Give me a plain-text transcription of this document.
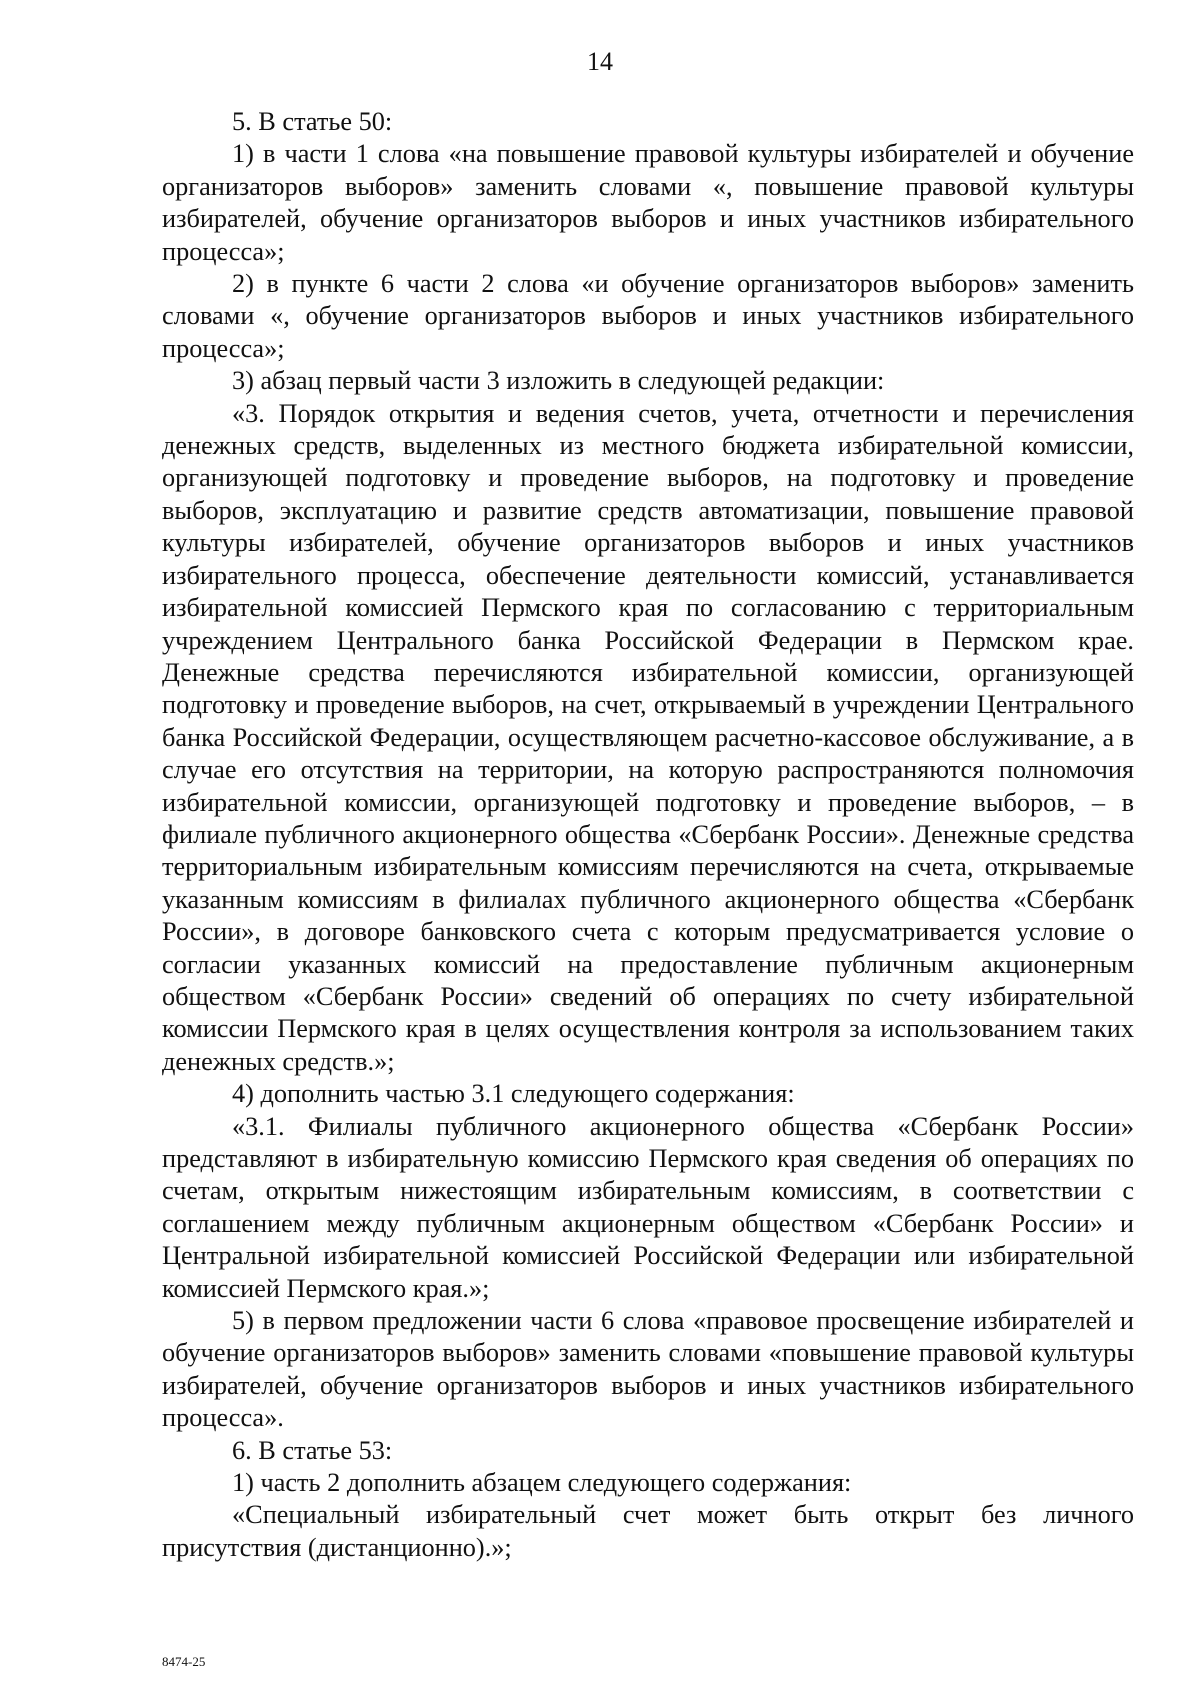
14

5. В статье 50:

1) в части 1 слова «на повышение правовой культуры избирателей и обучение организаторов выборов» заменить словами «, повышение правовой культуры избирателей, обучение организаторов выборов и иных участников избирательного процесса»;

2) в пункте 6 части 2 слова «и обучение организаторов выборов» заменить словами «, обучение организаторов выборов и иных участников избирательного процесса»;

3) абзац первый части 3 изложить в следующей редакции:

«3. Порядок открытия и ведения счетов, учета, отчетности и перечисления денежных средств, выделенных из местного бюджета избирательной комиссии, организующей подготовку и проведение выборов, на подготовку и проведение выборов, эксплуатацию и развитие средств автоматизации, повышение правовой культуры избирателей, обучение организаторов выборов и иных участников избирательного процесса, обеспечение деятельности комиссий, устанавливается избирательной комиссией Пермского края по согласованию с территориальным учреждением Центрального банка Российской Федерации в Пермском крае. Денежные средства перечисляются избирательной комиссии, организующей подготовку и проведение выборов, на счет, открываемый в учреждении Центрального банка Российской Федерации, осуществляющем расчетно-кассовое обслуживание, а в случае его отсутствия на территории, на которую распространяются полномочия избирательной комиссии, организующей подготовку и проведение выборов, – в филиале публичного акционерного общества «Сбербанк России». Денежные средства территориальным избирательным комиссиям перечисляются на счета, открываемые указанным комиссиям в филиалах публичного акционерного общества «Сбербанк России», в договоре банковского счета с которым предусматривается условие о согласии указанных комиссий на предоставление публичным акционерным обществом «Сбербанк России» сведений об операциях по счету избирательной комиссии Пермского края в целях осуществления контроля за использованием таких денежных средств.»;

4) дополнить частью 3.1 следующего содержания:

«3.1. Филиалы публичного акционерного общества «Сбербанк России» представляют в избирательную комиссию Пермского края сведения об операциях по счетам, открытым нижестоящим избирательным комиссиям, в соответствии с соглашением между публичным акционерным обществом «Сбербанк России» и Центральной избирательной комиссией Российской Федерации или избирательной комиссией Пермского края.»;

5) в первом предложении части 6 слова «правовое просвещение избирателей и обучение организаторов выборов» заменить словами «повышение правовой культуры избирателей, обучение организаторов выборов и иных участников избирательного процесса».

6. В статье 53:

1) часть 2 дополнить абзацем следующего содержания:

«Специальный избирательный счет может быть открыт без личного присутствия (дистанционно).»;

8474-25
